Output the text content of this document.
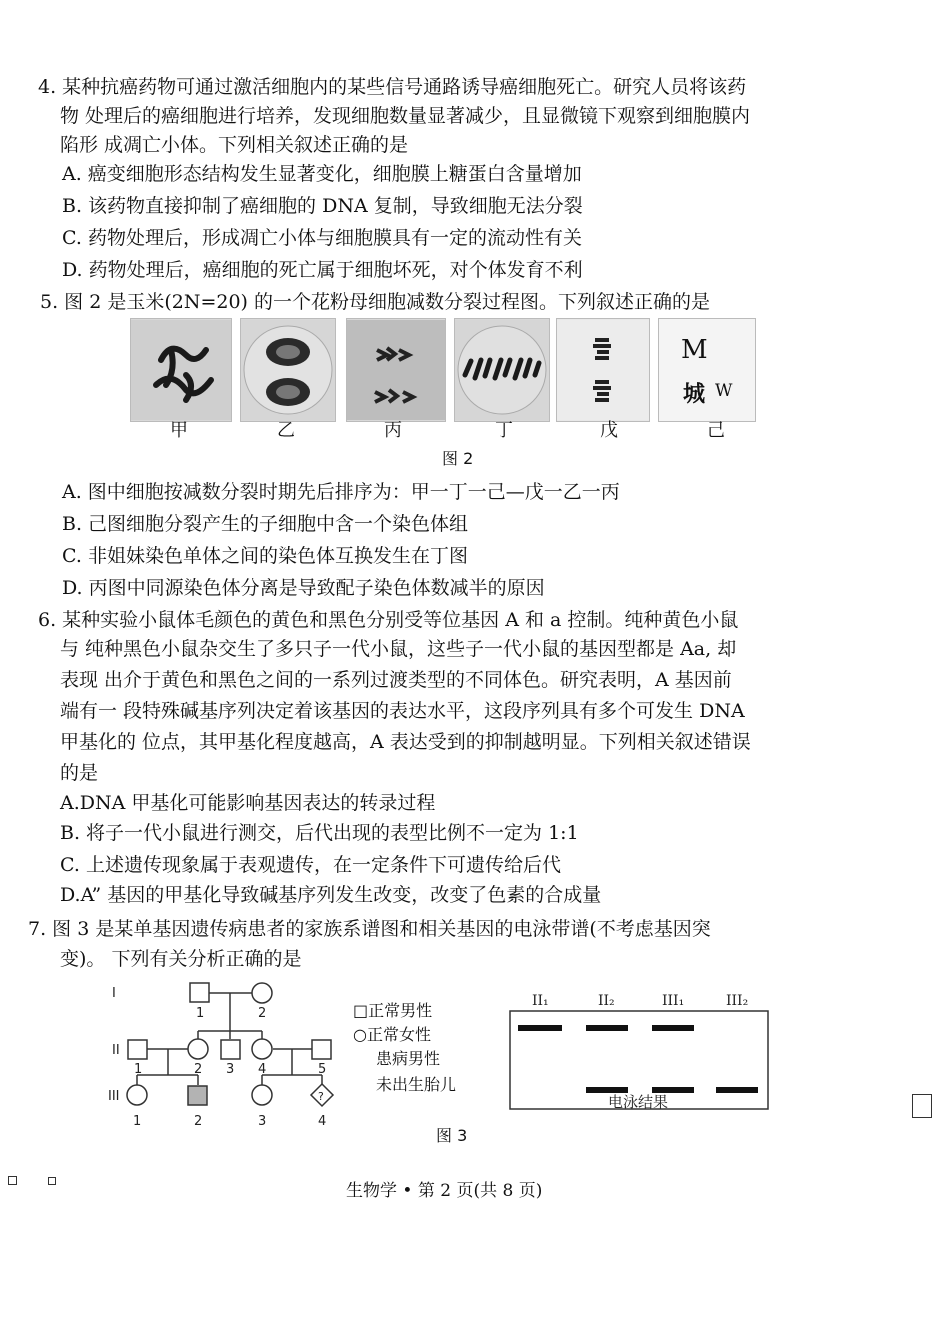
4. 某种抗癌药物可通过激活细胞内的某些信号通路诱导癌细胞死亡。研究人员将该药
物 处理后的癌细胞进行培养，发现细胞数量显著减少，且显微镜下观察到细胞膜内
陷形 成凋亡小体。下列相关叙述正确的是
A. 癌变细胞形态结构发生显著变化，细胞膜上糖蛋白含量增加
B. 该药物直接抑制了癌细胞的 DNA 复制，导致细胞无法分裂
C. 药物处理后，形成凋亡小体与细胞膜具有一定的流动性有关
D. 药物处理后，癌细胞的死亡属于细胞坏死，对个体发育不利
5. 图 2 是玉米(2N=20) 的一个花粉母细胞减数分裂过程图。下列叙述正确的是
M
城 W
甲	乙	丙	丁	戊	己
图 2
A. 图中细胞按减数分裂时期先后排序为：甲一丁一己—戊一乙一丙
B. 己图细胞分裂产生的子细胞中含一个染色体组
C. 非姐妹染色单体之间的染色体互换发生在丁图
D. 丙图中同源染色体分离是导致配子染色体数减半的原因
6. 某种实验小鼠体毛颜色的黄色和黑色分别受等位基因 A 和 a 控制。纯种黄色小鼠
与 纯种黑色小鼠杂交生了多只子一代小鼠，这些子一代小鼠的基因型都是 Aa, 却
表现 出介于黄色和黑色之间的一系列过渡类型的不同体色。研究表明，A 基因前
端有一 段特殊碱基序列决定着该基因的表达水平，这段序列具有多个可发生 DNA
甲基化的 位点，其甲基化程度越高，A 表达受到的抑制越明显。下列相关叙述错误
的是
A.DNA 甲基化可能影响基因表达的转录过程
B. 将子一代小鼠进行测交，后代出现的表型比例不一定为 1:1
C. 上述遗传现象属于表观遗传，在一定条件下可遗传给后代
D.A” 基因的甲基化导致碱基序列发生改变，改变了色素的合成量
7. 图 3 是某单基因遗传病患者的家族系谱图和相关基因的电泳带谱(不考虑基因突
变)。 下列有关分析正确的是
I
II
III
1	2
1	2 3 4	5
1	2	3	4
?
□正常男性
○正常女性
患病男性
未出生胎儿
II₁	II₂	III₁	III₂
电泳结果
图 3
生物学 • 第 2 页(共 8 页)
